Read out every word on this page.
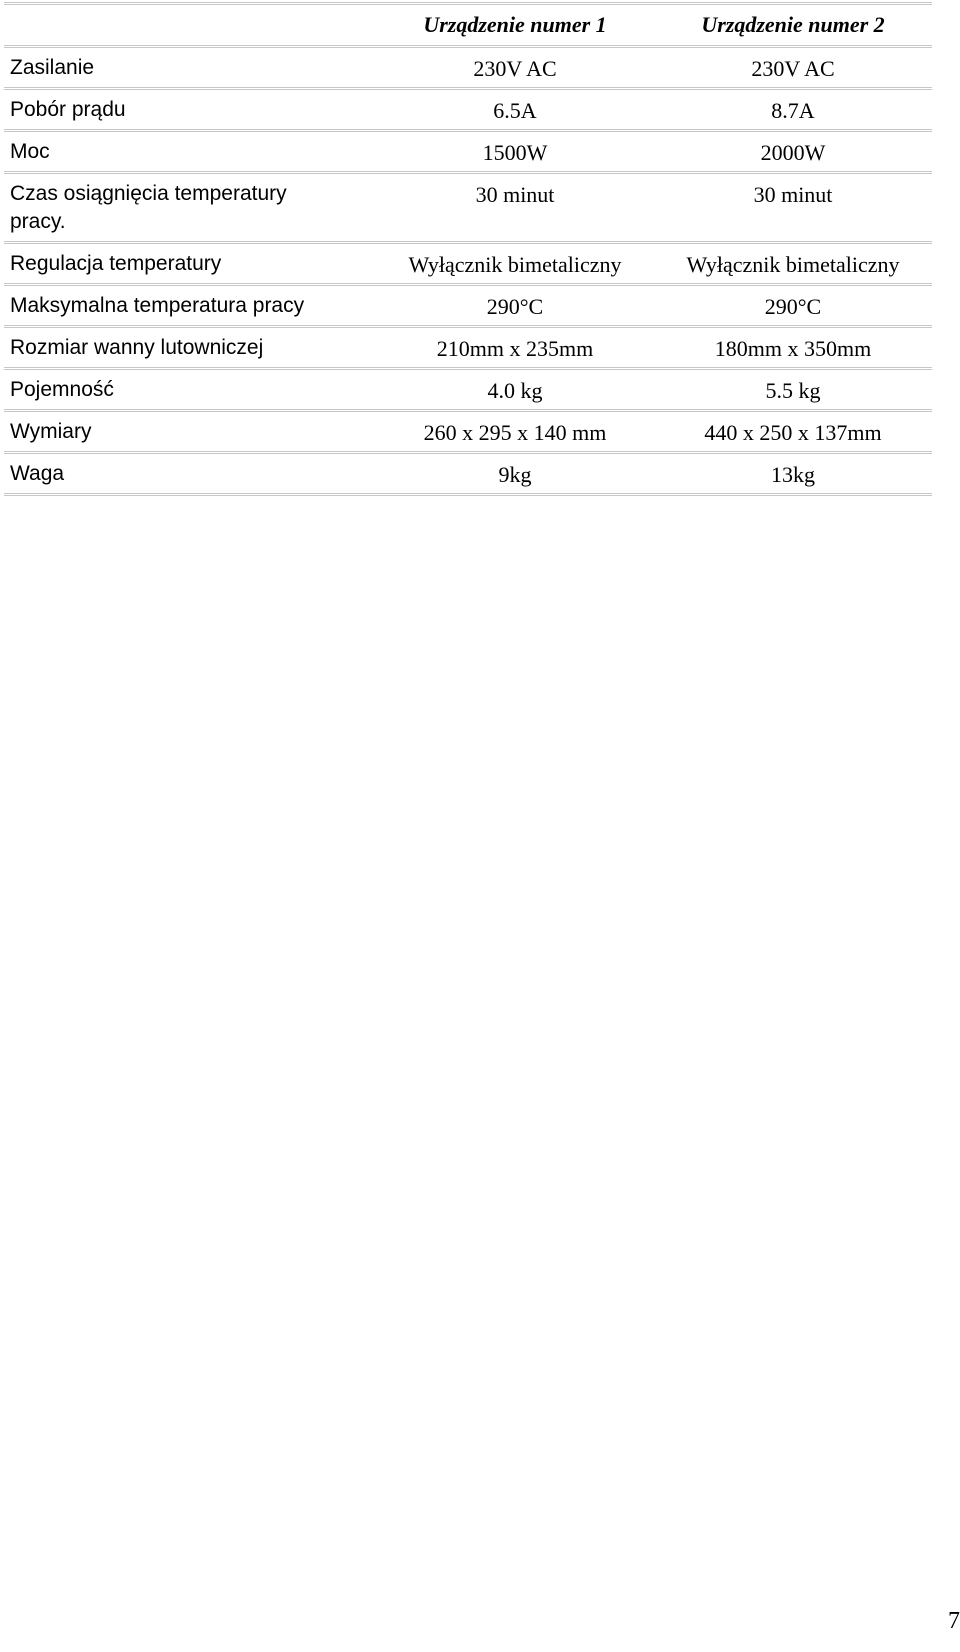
	Urządzenie numer 1	Urządzenie numer 2

Zasilanie	230V AC	230V AC

Pobór prądu	6.5A	8.7A

Moc	1500W	2000W

Czas osiągnięcia temperatury pracy.	30 minut	30 minut

Regulacja temperatury	Wyłącznik bimetaliczny	Wyłącznik bimetaliczny

Maksymalna temperatura pracy	290°C	290°C

Rozmiar wanny lutowniczej	210mm x 235mm	180mm x 350mm

Pojemność	4.0 kg	5.5 kg

Wymiary	260 x 295 x 140 mm	440 x 250 x 137mm

Waga	9kg	13kg
7
